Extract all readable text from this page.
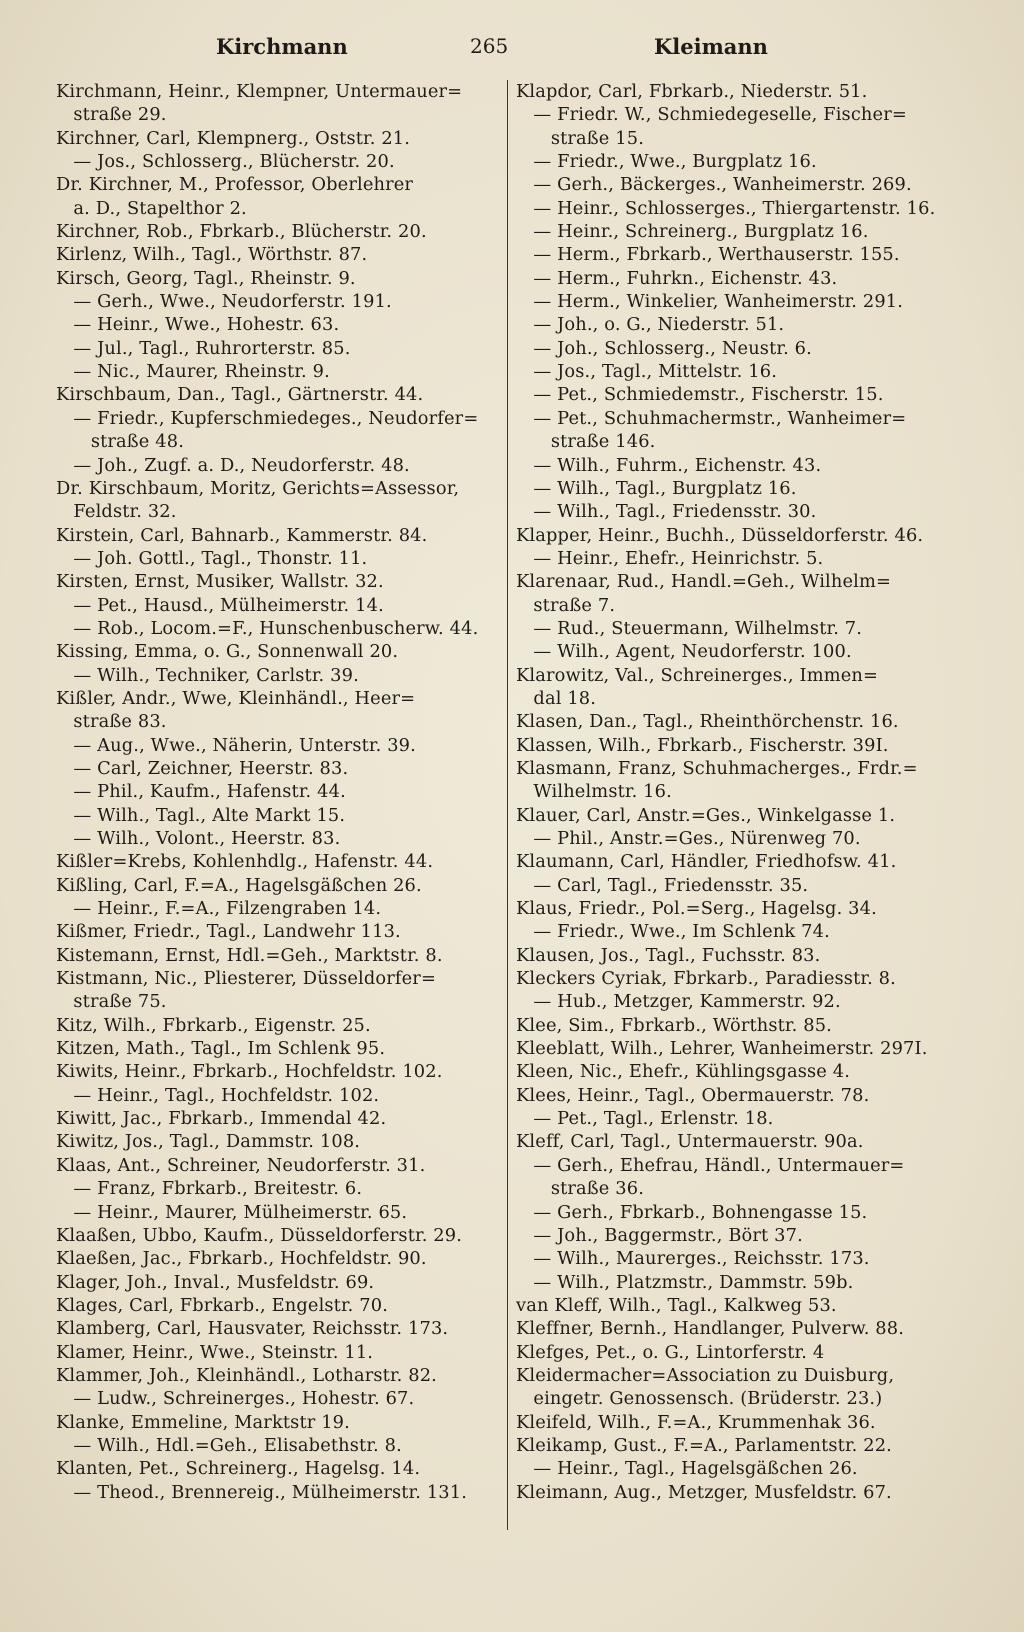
Kirchmann	265	Kleimann
Kirchmann, Heinr., Klempner, Untermauer=
straße 29.
Kirchner, Carl, Klempnerg., Oststr. 21.
— Jos., Schlosserg., Blücherstr. 20.
Dr. Kirchner, M., Professor, Oberlehrer
a. D., Stapelthor 2.
Kirchner, Rob., Fbrkarb., Blücherstr. 20.
Kirlenz, Wilh., Tagl., Wörthstr. 87.
Kirsch, Georg, Tagl., Rheinstr. 9.
— Gerh., Wwe., Neudorferstr. 191.
— Heinr., Wwe., Hohestr. 63.
— Jul., Tagl., Ruhrorterstr. 85.
— Nic., Maurer, Rheinstr. 9.
Kirschbaum, Dan., Tagl., Gärtnerstr. 44.
— Friedr., Kupferschmiedeges., Neudorfer=
straße 48.
— Joh., Zugf. a. D., Neudorferstr. 48.
Dr. Kirschbaum, Moritz, Gerichts=Assessor,
Feldstr. 32.
Kirstein, Carl, Bahnarb., Kammerstr. 84.
— Joh. Gottl., Tagl., Thonstr. 11.
Kirsten, Ernst, Musiker, Wallstr. 32.
— Pet., Hausd., Mülheimerstr. 14.
— Rob., Locom.=F., Hunschenbuscherw. 44.
Kissing, Emma, o. G., Sonnenwall 20.
— Wilh., Techniker, Carlstr. 39.
Kißler, Andr., Wwe, Kleinhändl., Heer=
straße 83.
— Aug., Wwe., Näherin, Unterstr. 39.
— Carl, Zeichner, Heerstr. 83.
— Phil., Kaufm., Hafenstr. 44.
— Wilh., Tagl., Alte Markt 15.
— Wilh., Volont., Heerstr. 83.
Kißler=Krebs, Kohlenhdlg., Hafenstr. 44.
Kißling, Carl, F.=A., Hagelsgäßchen 26.
— Heinr., F.=A., Filzengraben 14.
Kißmer, Friedr., Tagl., Landwehr 113.
Kistemann, Ernst, Hdl.=Geh., Marktstr. 8.
Kistmann, Nic., Pliesterer, Düsseldorfer=
straße 75.
Kitz, Wilh., Fbrkarb., Eigenstr. 25.
Kitzen, Math., Tagl., Im Schlenk 95.
Kiwits, Heinr., Fbrkarb., Hochfeldstr. 102.
— Heinr., Tagl., Hochfeldstr. 102.
Kiwitt, Jac., Fbrkarb., Immendal 42.
Kiwitz, Jos., Tagl., Dammstr. 108.
Klaas, Ant., Schreiner, Neudorferstr. 31.
— Franz, Fbrkarb., Breitestr. 6.
— Heinr., Maurer, Mülheimerstr. 65.
Klaaßen, Ubbo, Kaufm., Düsseldorferstr. 29.
Klaeßen, Jac., Fbrkarb., Hochfeldstr. 90.
Klager, Joh., Inval., Musfeldstr. 69.
Klages, Carl, Fbrkarb., Engelstr. 70.
Klamberg, Carl, Hausvater, Reichsstr. 173.
Klamer, Heinr., Wwe., Steinstr. 11.
Klammer, Joh., Kleinhändl., Lotharstr. 82.
— Ludw., Schreinerges., Hohestr. 67.
Klanke, Emmeline, Marktstr 19.
— Wilh., Hdl.=Geh., Elisabethstr. 8.
Klanten, Pet., Schreinerg., Hagelsg. 14.
— Theod., Brennereig., Mülheimerstr. 131.
Klapdor, Carl, Fbrkarb., Niederstr. 51.
— Friedr. W., Schmiedegeselle, Fischer=
straße 15.
— Friedr., Wwe., Burgplatz 16.
— Gerh., Bäckerges., Wanheimerstr. 269.
— Heinr., Schlosserges., Thiergartenstr. 16.
— Heinr., Schreinerg., Burgplatz 16.
— Herm., Fbrkarb., Werthauserstr. 155.
— Herm., Fuhrkn., Eichenstr. 43.
— Herm., Winkelier, Wanheimerstr. 291.
— Joh., o. G., Niederstr. 51.
— Joh., Schlosserg., Neustr. 6.
— Jos., Tagl., Mittelstr. 16.
— Pet., Schmiedemstr., Fischerstr. 15.
— Pet., Schuhmachermstr., Wanheimer=
straße 146.
— Wilh., Fuhrm., Eichenstr. 43.
— Wilh., Tagl., Burgplatz 16.
— Wilh., Tagl., Friedensstr. 30.
Klapper, Heinr., Buchh., Düsseldorferstr. 46.
— Heinr., Ehefr., Heinrichstr. 5.
Klarenaar, Rud., Handl.=Geh., Wilhelm=
straße 7.
— Rud., Steuermann, Wilhelmstr. 7.
— Wilh., Agent, Neudorferstr. 100.
Klarowitz, Val., Schreinerges., Immen=
dal 18.
Klasen, Dan., Tagl., Rheinthörchenstr. 16.
Klassen, Wilh., Fbrkarb., Fischerstr. 39I.
Klasmann, Franz, Schuhmacherges., Frdr.=
Wilhelmstr. 16.
Klauer, Carl, Anstr.=Ges., Winkelgasse 1.
— Phil., Anstr.=Ges., Nürenweg 70.
Klaumann, Carl, Händler, Friedhofsw. 41.
— Carl, Tagl., Friedensstr. 35.
Klaus, Friedr., Pol.=Serg., Hagelsg. 34.
— Friedr., Wwe., Im Schlenk 74.
Klausen, Jos., Tagl., Fuchsstr. 83.
Kleckers Cyriak, Fbrkarb., Paradiesstr. 8.
— Hub., Metzger, Kammerstr. 92.
Klee, Sim., Fbrkarb., Wörthstr. 85.
Kleeblatt, Wilh., Lehrer, Wanheimerstr. 297I.
Kleen, Nic., Ehefr., Kühlingsgasse 4.
Klees, Heinr., Tagl., Obermauerstr. 78.
— Pet., Tagl., Erlenstr. 18.
Kleff, Carl, Tagl., Untermauerstr. 90a.
— Gerh., Ehefrau, Händl., Untermauer=
straße 36.
— Gerh., Fbrkarb., Bohnengasse 15.
— Joh., Baggermstr., Bört 37.
— Wilh., Maurerges., Reichsstr. 173.
— Wilh., Platzmstr., Dammstr. 59b.
van Kleff, Wilh., Tagl., Kalkweg 53.
Kleffner, Bernh., Handlanger, Pulverw. 88.
Klefges, Pet., o. G., Lintorferstr. 4
Kleidermacher=Association zu Duisburg,
eingetr. Genossensch. (Brüderstr. 23.)
Kleifeld, Wilh., F.=A., Krummenhak 36.
Kleikamp, Gust., F.=A., Parlamentstr. 22.
— Heinr., Tagl., Hagelsgäßchen 26.
Kleimann, Aug., Metzger, Musfeldstr. 67.
